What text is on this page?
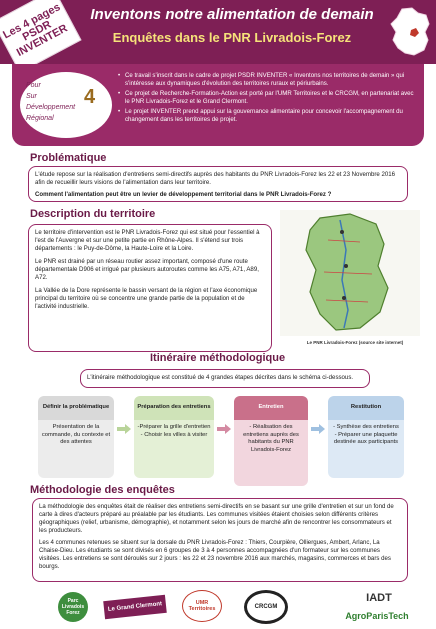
Les 4 pages PSDR INVENTER
Inventons notre alimentation de demain
Enquêtes dans le PNR Livradois-Forez
Pour
Sur
Développement
Régional
4
• Ce travail s'inscrit dans le cadre de projet PSDR INVENTER « Inventons nos territoires de demain » qui s'intéresse aux dynamiques d'évolution des territoires ruraux et périurbains.
• Ce projet de Recherche-Formation-Action est porté par l'UMR Territoires et le CRCGM, en partenariat avec le PNR Livradois-Forez et le Grand Clermont.
• Le projet INVENTER prend appui sur la gouvernance alimentaire pour concevoir l'accompagnement du changement dans les territoires de projet.
Problématique
L'étude repose sur la réalisation d'entretiens semi-directifs auprès des habitants du PNR Livradois-Forez les 22 et 23 Novembre 2016 afin de recueillir leurs visions de l'alimentation dans leur territoire.
Comment l'alimentation peut être un levier de développement territorial dans le PNR Livradois-Forez ?
Description du territoire

Le territoire d'intervention est le PNR Livradois-Forez qui est situé pour l'essentiel à l'est de l'Auvergne et sur une petite partie en Rhône-Alpes. Il s'étend sur trois départements : le Puy-de-Dôme, la Haute-Loire et la Loire.

Le PNR est drainé par un réseau routier assez important, composé d'une route départementale D906 et irrigué par plusieurs autoroutes comme les A75, A71, A89, A72.

La Vallée de la Dore représente le bassin versant de la région et l'axe économique principal du territoire où se concentre une grande partie de la population et de l'activité industrielle.

Le PNR Livradois-Forez (source site internet)
Itinéraire méthodologique
L'itinéraire méthodologique est constitué de 4 grandes étapes décrites dans le schéma ci-dessous.
Définir la problématique
Présentation de la commande, du contexte et des attentes
Préparation des entretiens
-Préparer la grille d'entretien
- Choisir les villes à visiter
Entretien
- Réalisation des entretiens auprès des habitants du PNR Livradois-Forez
Restitution
- Synthèse des entretiens
- Préparer une plaquette destinée aux participants
Méthodologie des enquêtes

La méthodologie des enquêtes était de réaliser des entretiens semi-directifs en se basant sur une grille d'entretien et sur un fond de carte à dires d'acteurs préparé au préalable par les étudiants. Les communes visitées étaient choisies selon différents critères géographiques (relief, urbanisme, démographie), et notamment selon les jours de marché afin de rencontrer les consommateurs et les producteurs.

Les 4 communes retenues se situent sur la dorsale du PNR Livradois-Forez : Thiers, Courpière, Olliergues, Ambert, Arlanc, La Chaise-Dieu. Les étudiants se sont divisés en 6 groupes de 3 à 4 personnes accompagnées d'un formateur sur les communes visitées. Les entretiens se sont déroulés sur 2 jours : les 22 et 23 novembre 2016 aux marchés, magasins, commerces et bars des bourgs.

Parc Livradois Forez
Le Grand Clermont	UMR Territoires	CRCGM
IADT
AgroParisTech
